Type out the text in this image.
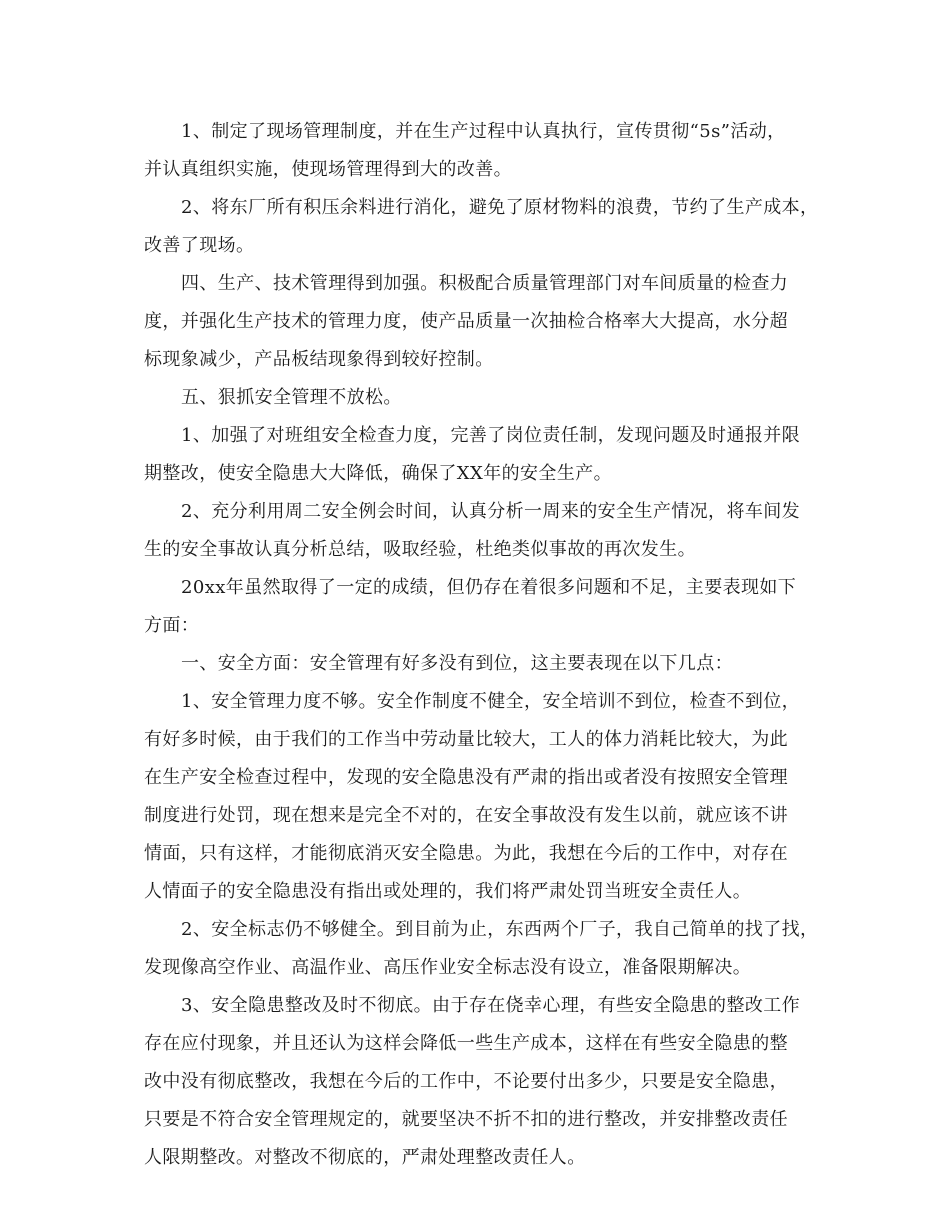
1、制定了现场管理制度，并在生产过程中认真执行，宣传贯彻“5s”活动，
并认真组织实施，使现场管理得到大的改善。
2、将东厂所有积压余料进行消化，避免了原材物料的浪费，节约了生产成本，
改善了现场。
四、生产、技术管理得到加强。积极配合质量管理部门对车间质量的检查力
度，并强化生产技术的管理力度，使产品质量一次抽检合格率大大提高，水分超
标现象减少，产品板结现象得到较好控制。
五、狠抓安全管理不放松。
1、加强了对班组安全检查力度，完善了岗位责任制，发现问题及时通报并限
期整改，使安全隐患大大降低，确保了XX年的安全生产。
2、充分利用周二安全例会时间，认真分析一周来的安全生产情况，将车间发
生的安全事故认真分析总结，吸取经验，杜绝类似事故的再次发生。
20xx年虽然取得了一定的成绩，但仍存在着很多问题和不足，主要表现如下
方面：
一、安全方面：安全管理有好多没有到位，这主要表现在以下几点：
1、安全管理力度不够。安全作制度不健全，安全培训不到位，检查不到位，
有好多时候，由于我们的工作当中劳动量比较大，工人的体力消耗比较大，为此
在生产安全检查过程中，发现的安全隐患没有严肃的指出或者没有按照安全管理
制度进行处罚，现在想来是完全不对的，在安全事故没有发生以前，就应该不讲
情面，只有这样，才能彻底消灭安全隐患。为此，我想在今后的工作中，对存在
人情面子的安全隐患没有指出或处理的，我们将严肃处罚当班安全责任人。
2、安全标志仍不够健全。到目前为止，东西两个厂子，我自己简单的找了找，
发现像高空作业、高温作业、高压作业安全标志没有设立，准备限期解决。
3、安全隐患整改及时不彻底。由于存在侥幸心理，有些安全隐患的整改工作
存在应付现象，并且还认为这样会降低一些生产成本，这样在有些安全隐患的整
改中没有彻底整改，我想在今后的工作中，不论要付出多少，只要是安全隐患，
只要是不符合安全管理规定的，就要坚决不折不扣的进行整改，并安排整改责任
人限期整改。对整改不彻底的，严肃处理整改责任人。
